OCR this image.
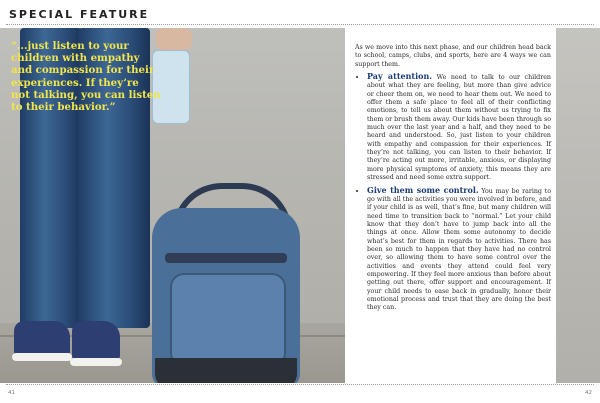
SPECIAL FEATURE
“...just listen to your children with empathy and compassion for their experiences. If they’re not talking, you can listen to their behavior.”

As we move into this next phase, and our children head back to school, camps, clubs, and sports, here are 4 ways we can support them.

• Pay attention. We need to talk to our children about what they are feeling, but more than give advice or cheer them on, we need to hear them out. We need to offer them a safe place to feel all of their conflicting emotions, to tell us about them without us trying to fix them or brush them away. Our kids have been through so much over the last year and a half, and they need to be heard and understood. So, just listen to your children with empathy and compassion for their experiences. If they’re not talking, you can listen to their behavior. If they’re acting out more, irritable, anxious, or displaying more physical symptoms of anxiety, this means they are stressed and need some extra support.
• Give them some control. You may be raring to go with all the activities you were involved in before, and if your child is as well, that’s fine, but many children will need time to transition back to “normal.” Let your child know that they don’t have to jump back into all the things at once. Allow them some autonomy to decide what’s best for them in regards to activities. There has been so much to happen that they have had no control over, so allowing them to have some control over the activities and events they attend could feel very empowering. If they feel more anxious than before about getting out there, offer support and encouragement. If your child needs to ease back in gradually, honor their emotional process and trust that they are doing the best they can.
41	42
